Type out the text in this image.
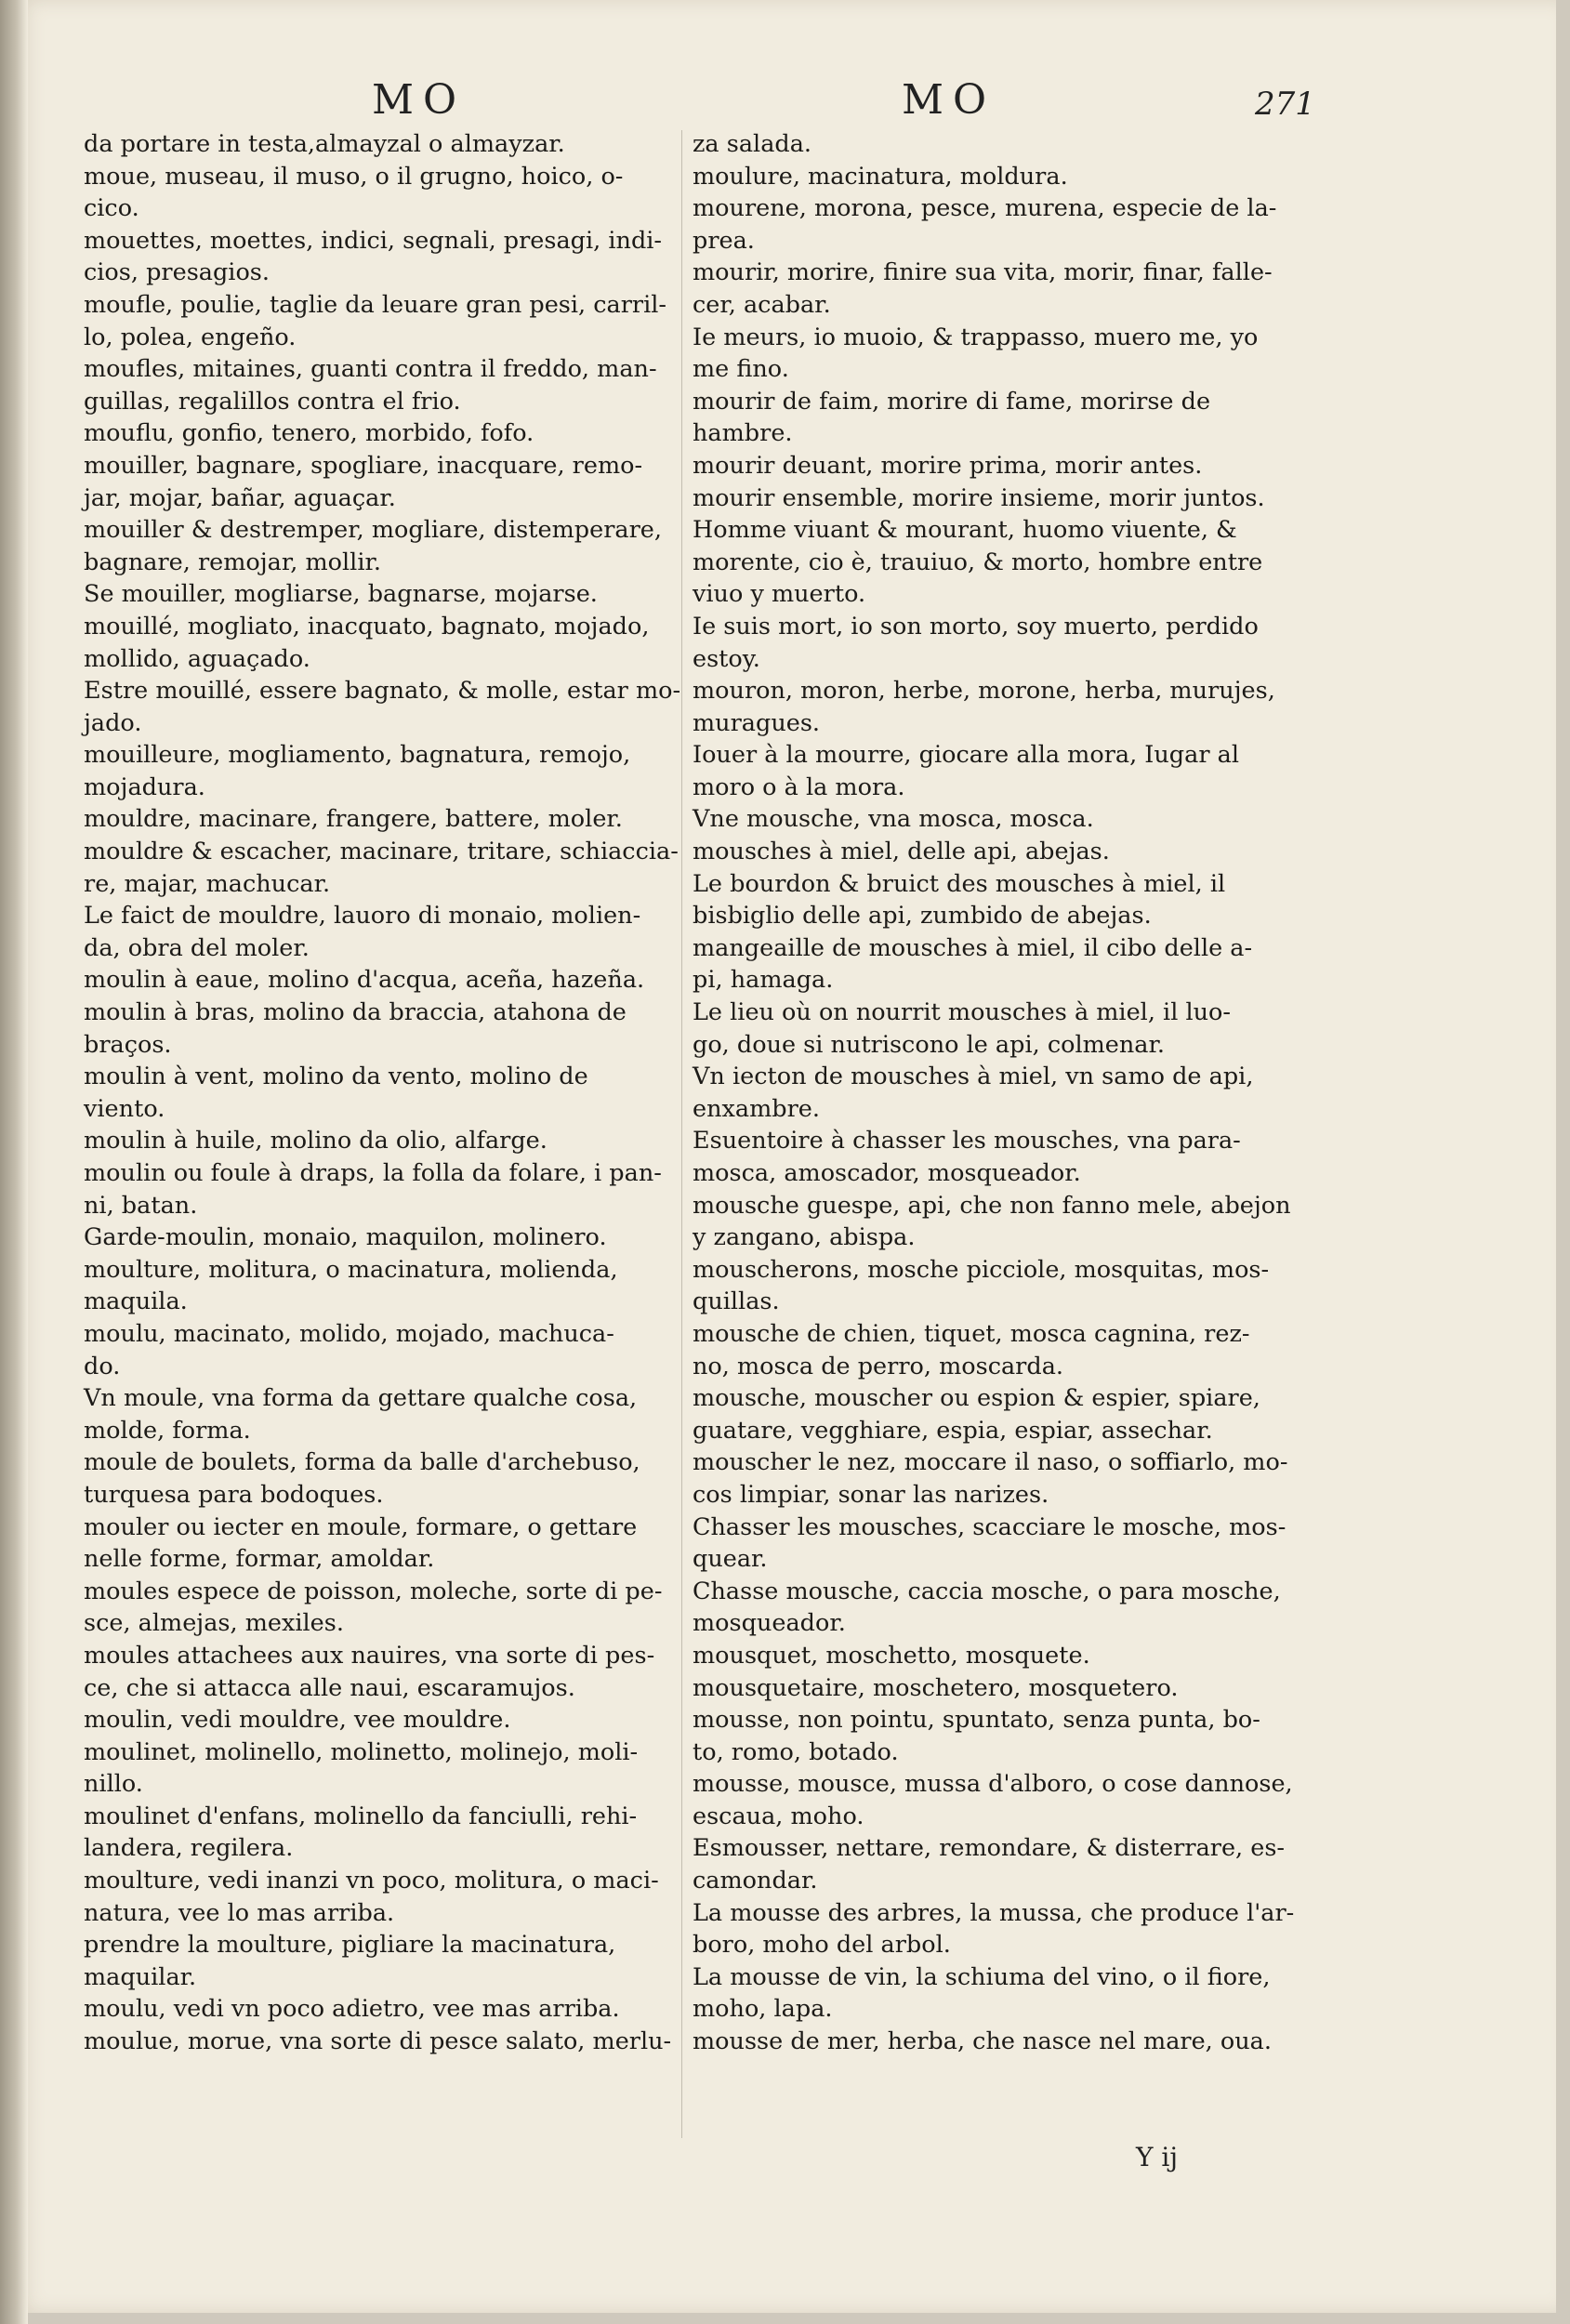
MO	MO	271
da portare in testa,almayzal o almayzar.
moue, museau, il muso, o il grugno, hoico, o-
cico.
mouettes, moettes, indici, segnali, presagi, indi-
cios, presagios.
moufle, poulie, taglie da leuare gran pesi, carril-
lo, polea, engeño.
moufles, mitaines, guanti contra il freddo, man-
guillas, regalillos contra el frio.
mouflu, gonfio, tenero, morbido, fofo.
mouiller, bagnare, spogliare, inacquare, remo-
jar, mojar, bañar, aguaçar.
mouiller & destremper, mogliare, distemperare,
bagnare, remojar, mollir.
Se mouiller, mogliarse, bagnarse, mojarse.
mouillé, mogliato, inacquato, bagnato, mojado,
mollido, aguaçado.
Estre mouillé, essere bagnato, & molle, estar mo-
jado.
mouilleure, mogliamento, bagnatura, remojo,
mojadura.
mouldre, macinare, frangere, battere, moler.
mouldre & escacher, macinare, tritare, schiaccia-
re, majar, machucar.
Le faict de mouldre, lauoro di monaio, molien-
da, obra del moler.
moulin à eaue, molino d'acqua, aceña, hazeña.
moulin à bras, molino da braccia, atahona de
braços.
moulin à vent, molino da vento, molino de
viento.
moulin à huile, molino da olio, alfarge.
moulin ou foule à draps, la folla da folare, i pan-
ni, batan.
Garde-moulin, monaio, maquilon, molinero.
moulture, molitura, o macinatura, molienda,
maquila.
moulu, macinato, molido, mojado, machuca-
do.
Vn moule, vna forma da gettare qualche cosa,
molde, forma.
moule de boulets, forma da balle d'archebuso,
turquesa para bodoques.
mouler ou iecter en moule, formare, o gettare
nelle forme, formar, amoldar.
moules espece de poisson, moleche, sorte di pe-
sce, almejas, mexiles.
moules attachees aux nauires, vna sorte di pes-
ce, che si attacca alle naui, escaramujos.
moulin, vedi mouldre, vee mouldre.
moulinet, molinello, molinetto, molinejo, moli-
nillo.
moulinet d'enfans, molinello da fanciulli, rehi-
landera, regilera.
moulture, vedi inanzi vn poco, molitura, o maci-
natura, vee lo mas arriba.
prendre la moulture, pigliare la macinatura,
maquilar.
moulu, vedi vn poco adietro, vee mas arriba.
moulue, morue, vna sorte di pesce salato, merlu-
za salada.
moulure, macinatura, moldura.
mourene, morona, pesce, murena, especie de la-
prea.
mourir, morire, finire sua vita, morir, finar, falle-
cer, acabar.
Ie meurs, io muoio, & trappasso, muero me, yo
me fino.
mourir de faim, morire di fame, morirse de
hambre.
mourir deuant, morire prima, morir antes.
mourir ensemble, morire insieme, morir juntos.
Homme viuant & mourant, huomo viuente, &
morente, cio è, trauiuo, & morto, hombre entre
viuo y muerto.
Ie suis mort, io son morto, soy muerto, perdido
estoy.
mouron, moron, herbe, morone, herba, murujes,
muragues.
Iouer à la mourre, giocare alla mora, Iugar al
moro o à la mora.
Vne mousche, vna mosca, mosca.
mousches à miel, delle api, abejas.
Le bourdon & bruict des mousches à miel, il
bisbiglio delle api, zumbido de abejas.
mangeaille de mousches à miel, il cibo delle a-
pi, hamaga.
Le lieu où on nourrit mousches à miel, il luo-
go, doue si nutriscono le api, colmenar.
Vn iecton de mousches à miel, vn samo de api,
enxambre.
Esuentoire à chasser les mousches, vna para-
mosca, amoscador, mosqueador.
mousche guespe, api, che non fanno mele, abejon
y zangano, abispa.
mouscherons, mosche picciole, mosquitas, mos-
quillas.
mousche de chien, tiquet, mosca cagnina, rez-
no, mosca de perro, moscarda.
mousche, mouscher ou espion & espier, spiare,
guatare, vegghiare, espia, espiar, assechar.
mouscher le nez, moccare il naso, o soffiarlo, mo-
cos limpiar, sonar las narizes.
Chasser les mousches, scacciare le mosche, mos-
quear.
Chasse mousche, caccia mosche, o para mosche,
mosqueador.
mousquet, moschetto, mosquete.
mousquetaire, moschetero, mosquetero.
mousse, non pointu, spuntato, senza punta, bo-
to, romo, botado.
mousse, mousce, mussa d'alboro, o cose dannose,
escaua, moho.
Esmousser, nettare, remondare, & disterrare, es-
camondar.
La mousse des arbres, la mussa, che produce l'ar-
boro, moho del arbol.
La mousse de vin, la schiuma del vino, o il fiore,
moho, lapa.
mousse de mer, herba, che nasce nel mare, oua.
Y ij
